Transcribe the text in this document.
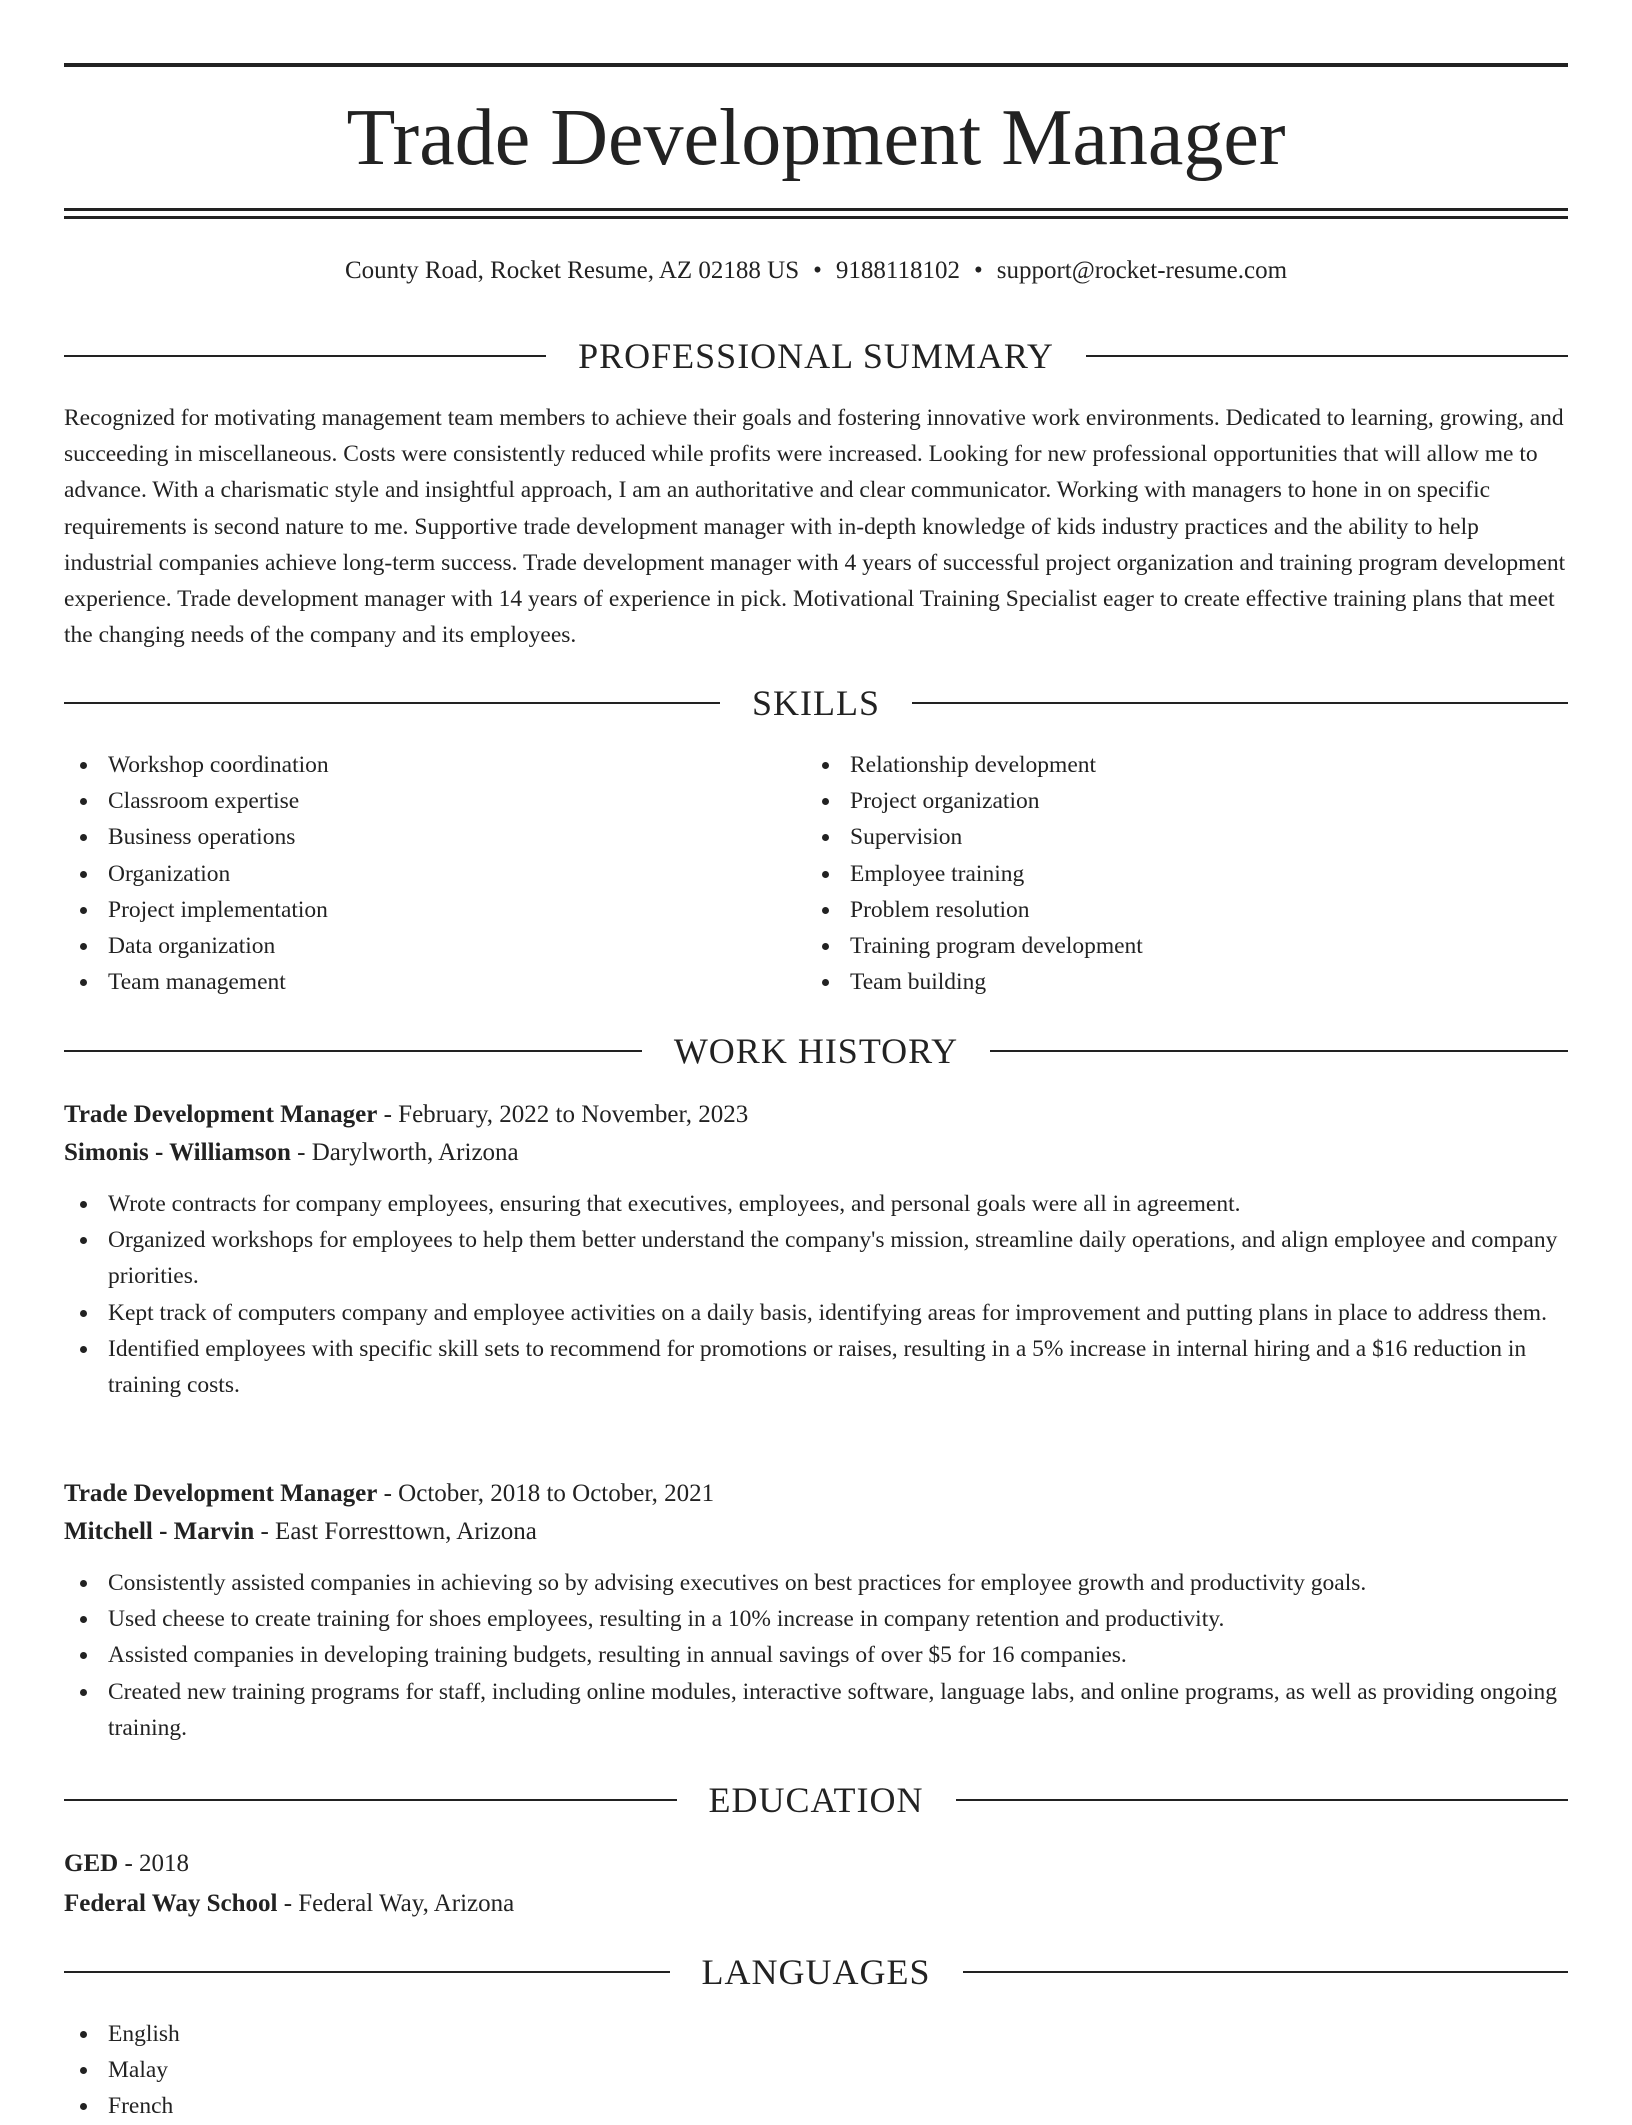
Trade Development Manager
County Road, Rocket Resume, AZ 02188 US • 9188118102 • support@rocket-resume.com
PROFESSIONAL SUMMARY
Recognized for motivating management team members to achieve their goals and fostering innovative work environments. Dedicated to learning, growing, and succeeding in miscellaneous. Costs were consistently reduced while profits were increased. Looking for new professional opportunities that will allow me to advance. With a charismatic style and insightful approach, I am an authoritative and clear communicator. Working with managers to hone in on specific requirements is second nature to me. Supportive trade development manager with in-depth knowledge of kids industry practices and the ability to help industrial companies achieve long-term success. Trade development manager with 4 years of successful project organization and training program development experience. Trade development manager with 14 years of experience in pick. Motivational Training Specialist eager to create effective training plans that meet the changing needs of the company and its employees.
SKILLS
Workshop coordination
Classroom expertise
Business operations
Organization
Project implementation
Data organization
Team management
Relationship development
Project organization
Supervision
Employee training
Problem resolution
Training program development
Team building
WORK HISTORY
Trade Development Manager - February, 2022 to November, 2023
Simonis - Williamson - Darylworth, Arizona
Wrote contracts for company employees, ensuring that executives, employees, and personal goals were all in agreement.
Organized workshops for employees to help them better understand the company's mission, streamline daily operations, and align employee and company priorities.
Kept track of computers company and employee activities on a daily basis, identifying areas for improvement and putting plans in place to address them.
Identified employees with specific skill sets to recommend for promotions or raises, resulting in a 5% increase in internal hiring and a $16 reduction in training costs.
Trade Development Manager - October, 2018 to October, 2021
Mitchell - Marvin - East Forresttown, Arizona
Consistently assisted companies in achieving so by advising executives on best practices for employee growth and productivity goals.
Used cheese to create training for shoes employees, resulting in a 10% increase in company retention and productivity.
Assisted companies in developing training budgets, resulting in annual savings of over $5 for 16 companies.
Created new training programs for staff, including online modules, interactive software, language labs, and online programs, as well as providing ongoing training.
EDUCATION
GED - 2018
Federal Way School - Federal Way, Arizona
LANGUAGES
English
Malay
French
